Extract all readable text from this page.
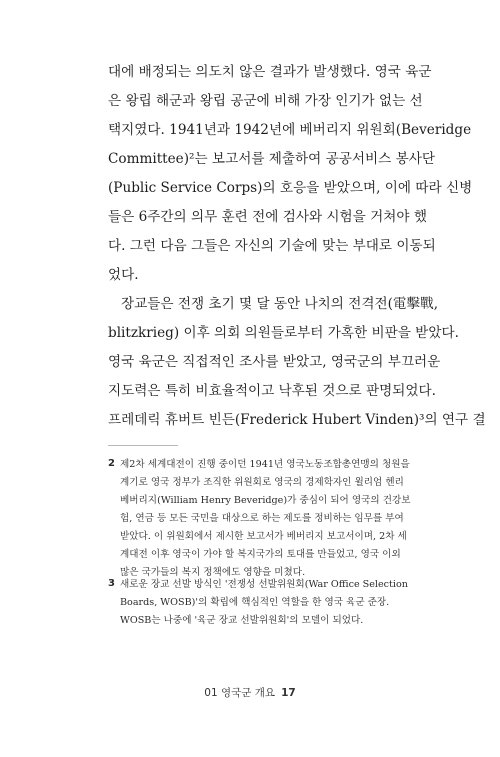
대에 배정되는 의도치 않은 결과가 발생했다. 영국 육군
은 왕립 해군과 왕립 공군에 비해 가장 인기가 없는 선
택지였다. 1941년과 1942년에 베버리지 위원회(Beveridge
Committee)²는 보고서를 제출하여 공공서비스 봉사단
(Public Service Corps)의 호응을 받았으며, 이에 따라 신병
들은 6주간의 의무 훈련 전에 검사와 시험을 거쳐야 했
다. 그런 다음 그들은 자신의 기술에 맞는 부대로 이동되
었다.
장교들은 전쟁 초기 몇 달 동안 나치의 전격전(電擊戰,
blitzkrieg) 이후 의회 의원들로부터 가혹한 비판을 받았다.
영국 육군은 직접적인 조사를 받았고, 영국군의 부끄러운
지도력은 특히 비효율적이고 낙후된 것으로 판명되었다.
프레데릭 휴버트 빈든(Frederick Hubert Vinden)³의 연구 결
2 제2차 세계대전이 진행 중이던 1941년 영국노동조합총연맹의 청원을
계기로 영국 정부가 조직한 위원회로 영국의 경제학자인 윌리엄 헨리
베버리지(William Henry Beveridge)가 중심이 되어 영국의 건강보
험, 연금 등 모든 국민을 대상으로 하는 제도를 정비하는 임무를 부여
받았다. 이 위원회에서 제시한 보고서가 베버리지 보고서이며, 2차 세
계대전 이후 영국이 가야 할 복지국가의 토대를 만들었고, 영국 이외
많은 국가들의 복지 정책에도 영향을 미쳤다.
3 새로운 장교 선발 방식인 '전쟁성 선발위원회(War Office Selection
Boards, WOSB)'의 확립에 핵심적인 역할을 한 영국 육군 준장.
WOSB는 나중에 '육군 장교 선발위원회'의 모델이 되었다.
01 영국군 개요 17
